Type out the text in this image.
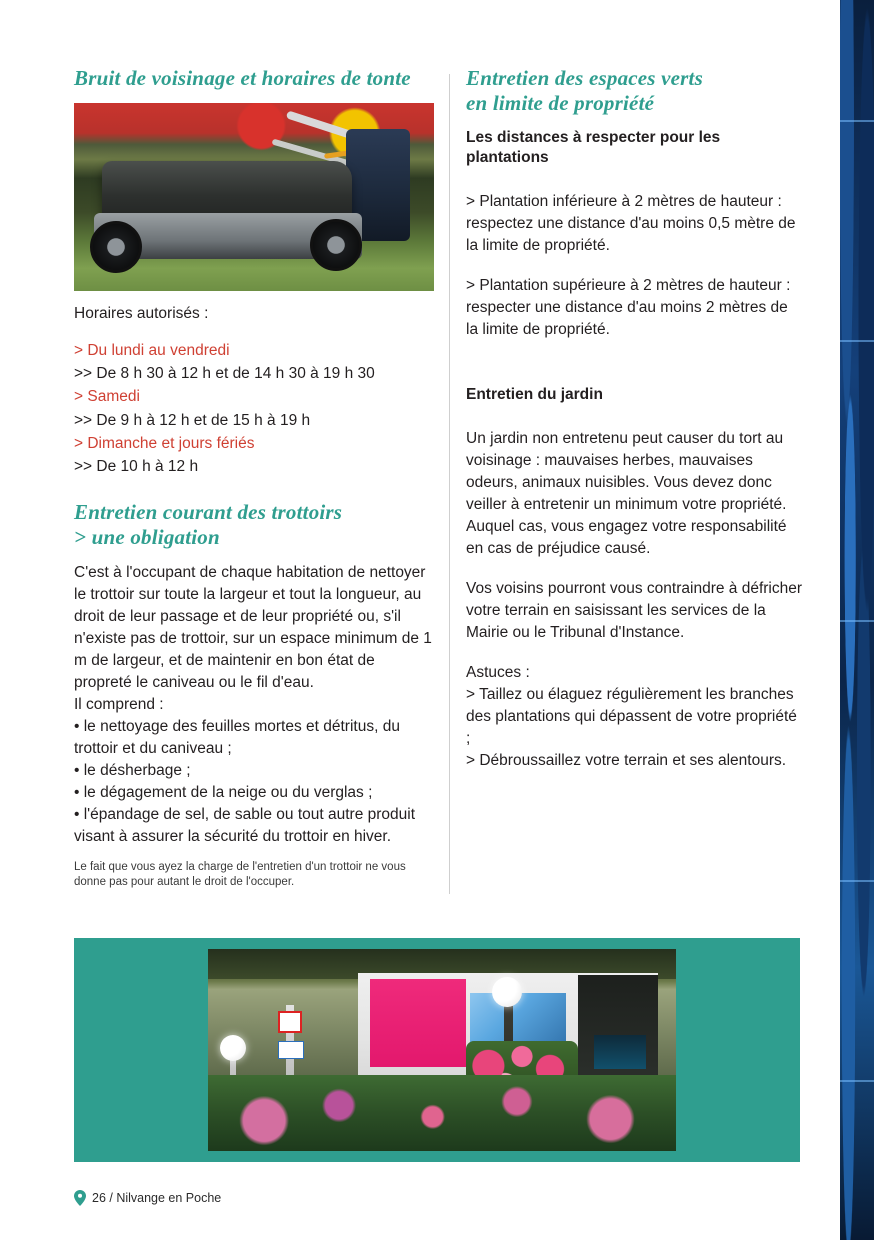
Bruit de voisinage et horaires de tonte

Horaires autorisés :

> Du lundi au vendredi

>> De 8 h 30 à 12 h et de 14 h 30 à 19 h 30

> Samedi

>> De 9 h à 12 h et de 15 h à 19 h

> Dimanche et jours fériés

>> De 10 h à 12 h

Entretien courant des trottoirs
> une obligation

C'est à l'occupant de chaque habitation de nettoyer le trottoir sur toute la largeur et tout la longueur, au droit de leur passage et de leur propriété ou, s'il n'existe pas de trottoir, sur un espace minimum de 1 m de largeur, et de maintenir en bon état de propreté le caniveau ou le fil d'eau.

Il comprend :

• le nettoyage des feuilles mortes et détritus, du trottoir et du caniveau ;

• le désherbage ;

• le dégagement de la neige ou du verglas ;

• l'épandage de sel, de sable ou tout autre produit visant à assurer la sécurité du trottoir en hiver.

Le fait que vous ayez la charge de l'entretien d'un trottoir ne vous donne pas pour autant le droit de l'occuper.

Entretien des espaces verts
en limite de propriété

Les distances à respecter pour les plantations

> Plantation inférieure à 2 mètres de hauteur : respectez une distance d'au moins 0,5 mètre de la limite de propriété.

> Plantation supérieure à 2 mètres de hauteur : respecter une distance d'au moins 2 mètres de la limite de propriété.

Entretien du jardin

Un jardin non entretenu peut causer du tort au voisinage : mauvaises herbes, mauvaises odeurs, animaux nuisibles. Vous devez donc veiller à entretenir un minimum votre propriété. Auquel cas, vous engagez votre responsabilité en cas de préjudice causé.

Vos voisins pourront vous contraindre à défricher votre terrain en saisissant les services de la Mairie ou le Tribunal d'Instance.

Astuces :

> Taillez ou élaguez régulièrement les branches des plantations qui dépassent de votre propriété ;

> Débroussaillez votre terrain et ses alentours.

26 / Nilvange en Poche
